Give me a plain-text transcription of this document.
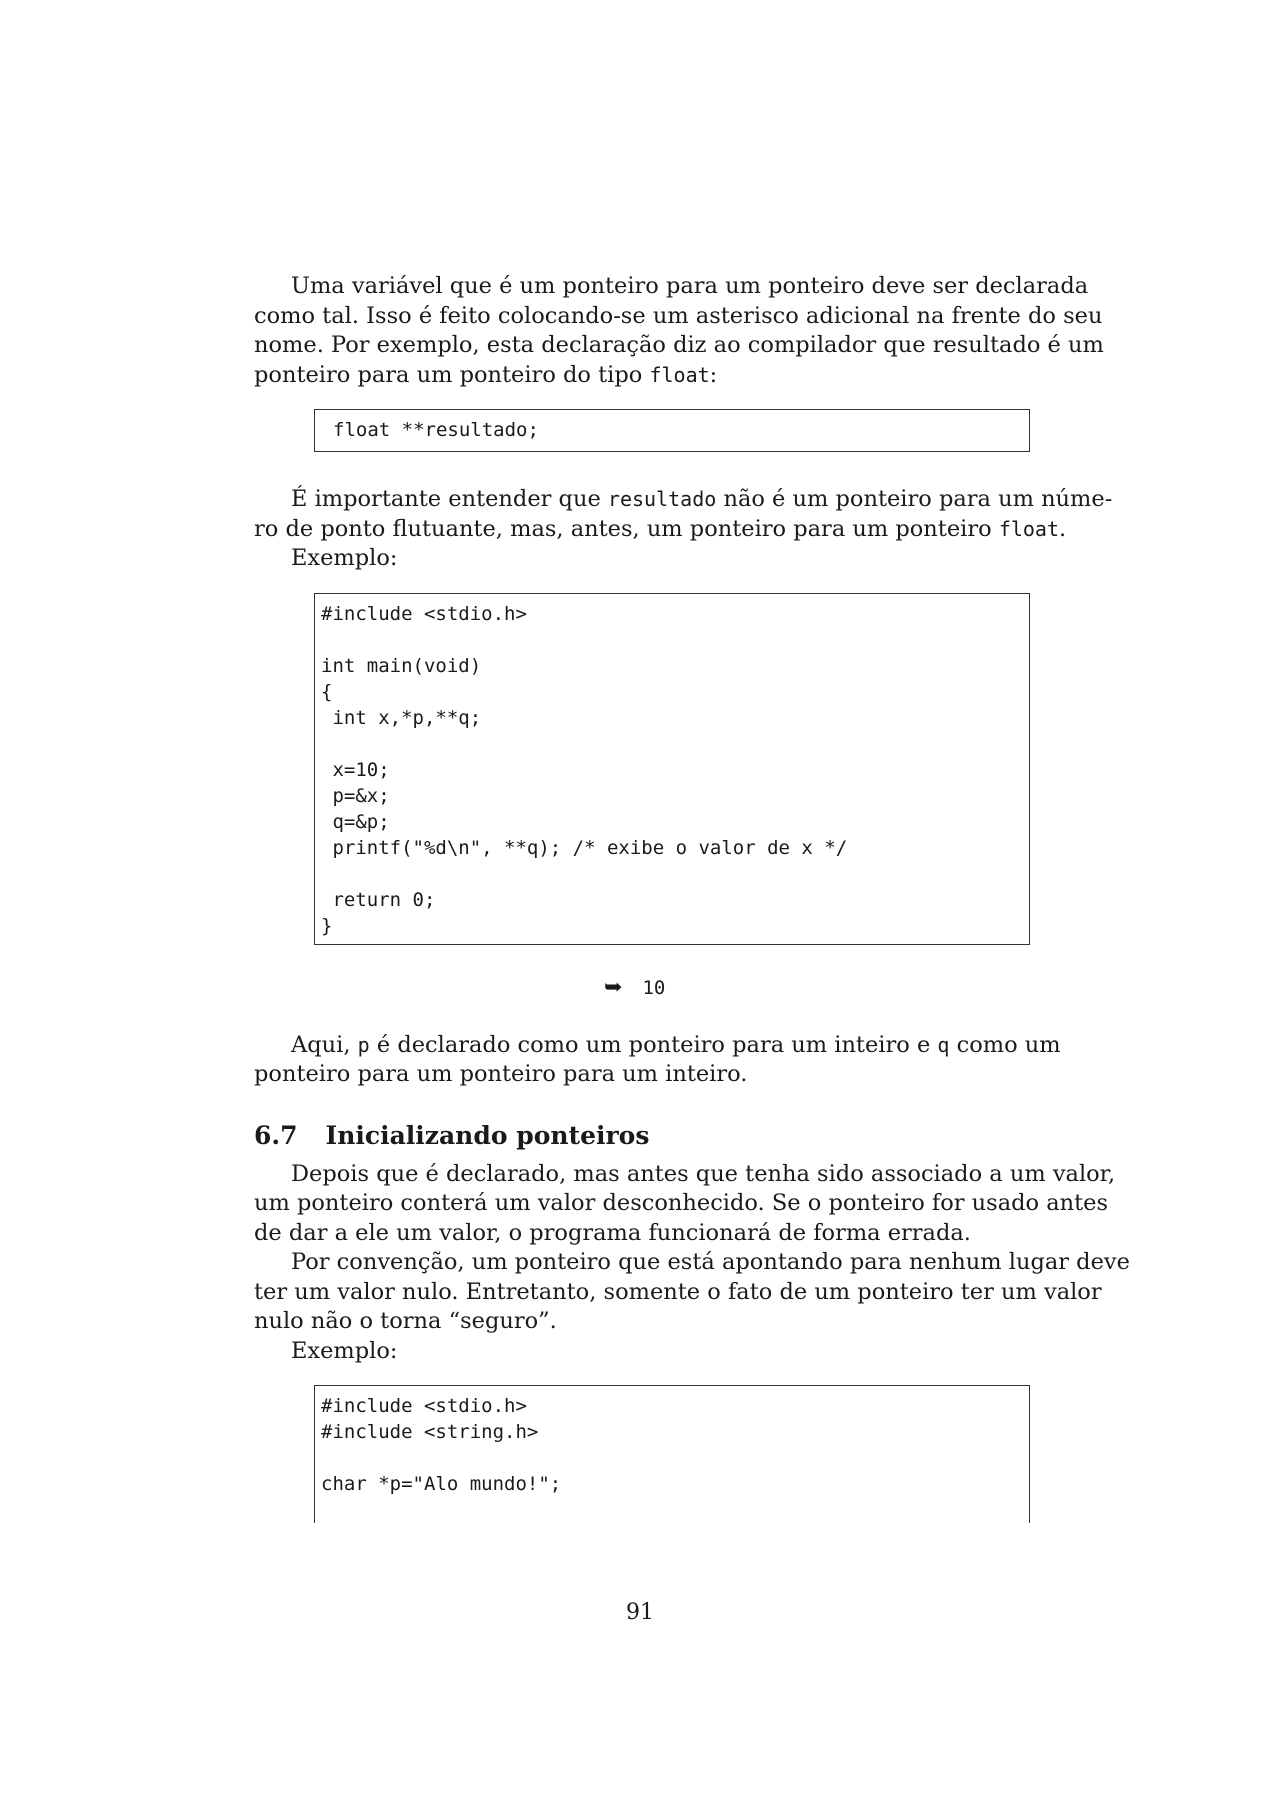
Uma variável que é um ponteiro para um ponteiro deve ser declarada
como tal. Isso é feito colocando-se um asterisco adicional na frente do seu
nome. Por exemplo, esta declaração diz ao compilador que resultado é um
ponteiro para um ponteiro do tipo float:
float **resultado;
É importante entender que resultado não é um ponteiro para um núme-
ro de ponto flutuante, mas, antes, um ponteiro para um ponteiro float.
Exemplo:
#include <stdio.h>

int main(void)
{
int x,*p,**q;

x=10;
p=&x;
q=&p;
printf("%d\n", **q); /* exibe o valor de x */

return 0;
}
➥ 10
Aqui, p é declarado como um ponteiro para um inteiro e q como um
ponteiro para um ponteiro para um inteiro.
6.7 Inicializando ponteiros
Depois que é declarado, mas antes que tenha sido associado a um valor,
um ponteiro conterá um valor desconhecido. Se o ponteiro for usado antes
de dar a ele um valor, o programa funcionará de forma errada.
Por convenção, um ponteiro que está apontando para nenhum lugar deve
ter um valor nulo. Entretanto, somente o fato de um ponteiro ter um valor
nulo não o torna “seguro”.
Exemplo:
#include <stdio.h>
#include <string.h>

char *p="Alo mundo!";
91
